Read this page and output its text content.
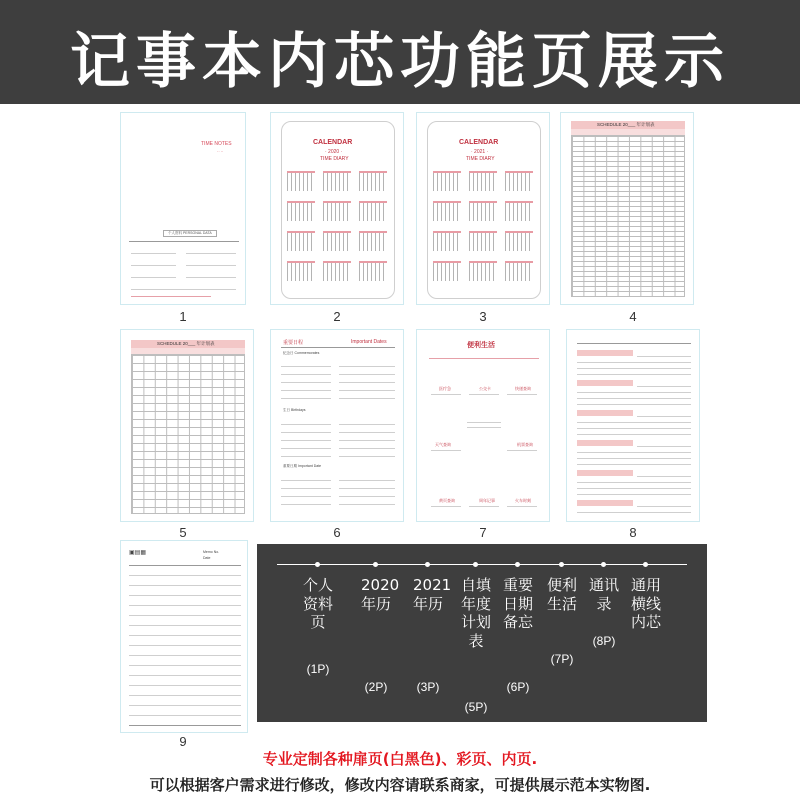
记事本内芯功能页展示
TIME NOTES
·· ··
个人资料 PERSONAL DATA
1
CALENDAR
· 2020 ·
TIME DIARY
2
CALENDAR
· 2021 ·
TIME DIARY
3
SCHEDULE 20___ 年计划表
4
SCHEDULE 20___ 年计划表
5
重要日程	Important Dates
纪念日 Commemorates
生日 Birthdays
重要日期 Important Date
6
便利生活
医疗急	公交卡	快递查询
天气查询	机票查询
黄页查询	周年记事	火车时刻
7	8
▣▤▦	Memo No.
Date
9
个人资料页
(1P)
2020年历
(2P)
2021年历
(3P)
自填年度计划表
(5P)
重要日期备忘
(6P)
便利生活
(7P)
通讯录
(8P)
通用横线内芯
专业定制各种扉页(白黑色)、彩页、内页.
可以根据客户需求进行修改，修改内容请联系商家，可提供展示范本实物图.
